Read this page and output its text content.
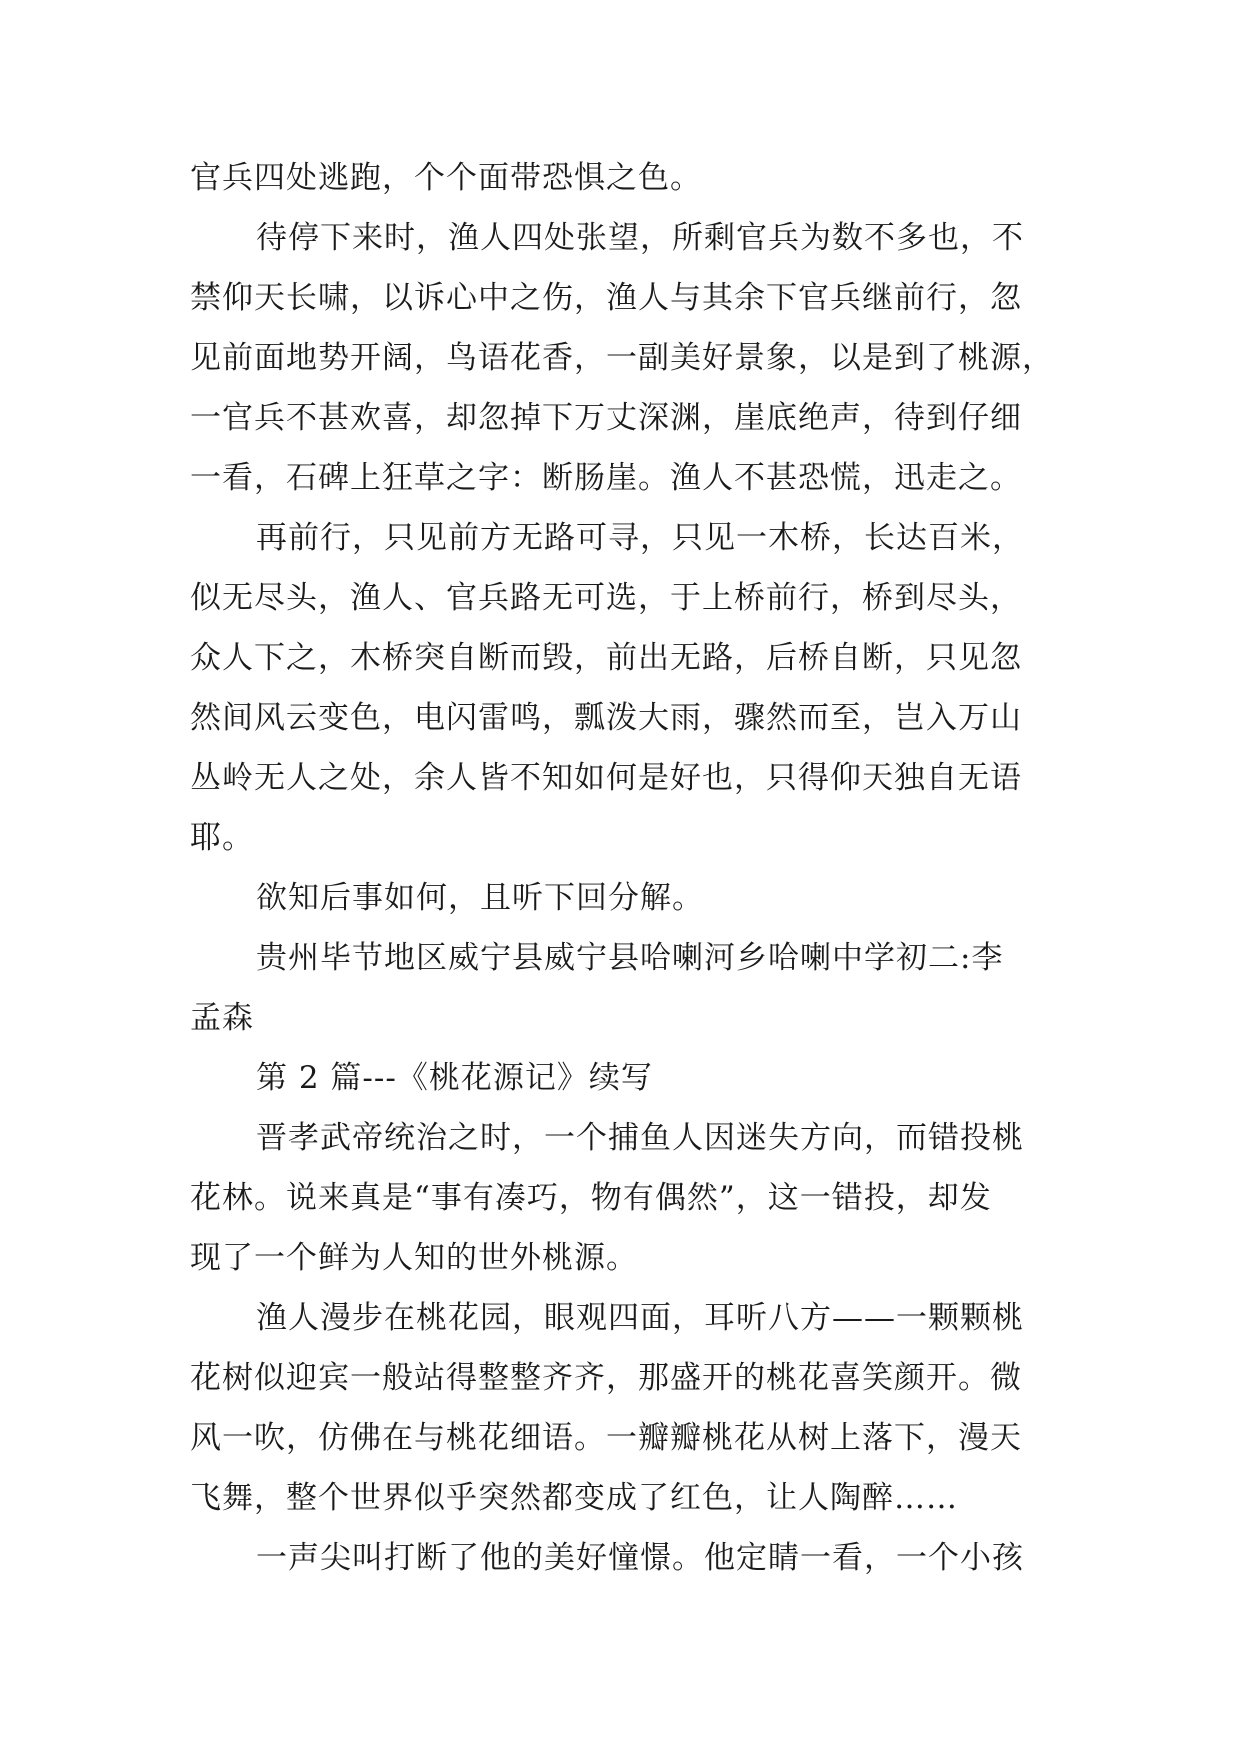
官兵四处逃跑，个个面带恐惧之色。
待停下来时，渔人四处张望，所剩官兵为数不多也，不
禁仰天长啸，以诉心中之伤，渔人与其余下官兵继前行，忽
见前面地势开阔，鸟语花香，一副美好景象，以是到了桃源，
一官兵不甚欢喜，却忽掉下万丈深渊，崖底绝声，待到仔细
一看，石碑上狂草之字：断肠崖。渔人不甚恐慌，迅走之。
再前行，只见前方无路可寻，只见一木桥，长达百米，
似无尽头，渔人、官兵路无可选，于上桥前行，桥到尽头，
众人下之，木桥突自断而毁，前出无路，后桥自断，只见忽
然间风云变色，电闪雷鸣，瓢泼大雨，骤然而至，岂入万山
丛岭无人之处，余人皆不知如何是好也，只得仰天独自无语
耶。
欲知后事如何，且听下回分解。
贵州毕节地区威宁县威宁县哈喇河乡哈喇中学初二:李
孟森
第 2 篇---《桃花源记》续写
晋孝武帝统治之时，一个捕鱼人因迷失方向，而错投桃
花林。说来真是“事有凑巧，物有偶然”，这一错投，却发
现了一个鲜为人知的世外桃源。
渔人漫步在桃花园，眼观四面，耳听八方——一颗颗桃
花树似迎宾一般站得整整齐齐，那盛开的桃花喜笑颜开。微
风一吹，仿佛在与桃花细语。一瓣瓣桃花从树上落下，漫天
飞舞，整个世界似乎突然都变成了红色，让人陶醉……
一声尖叫打断了他的美好憧憬。他定睛一看，一个小孩
